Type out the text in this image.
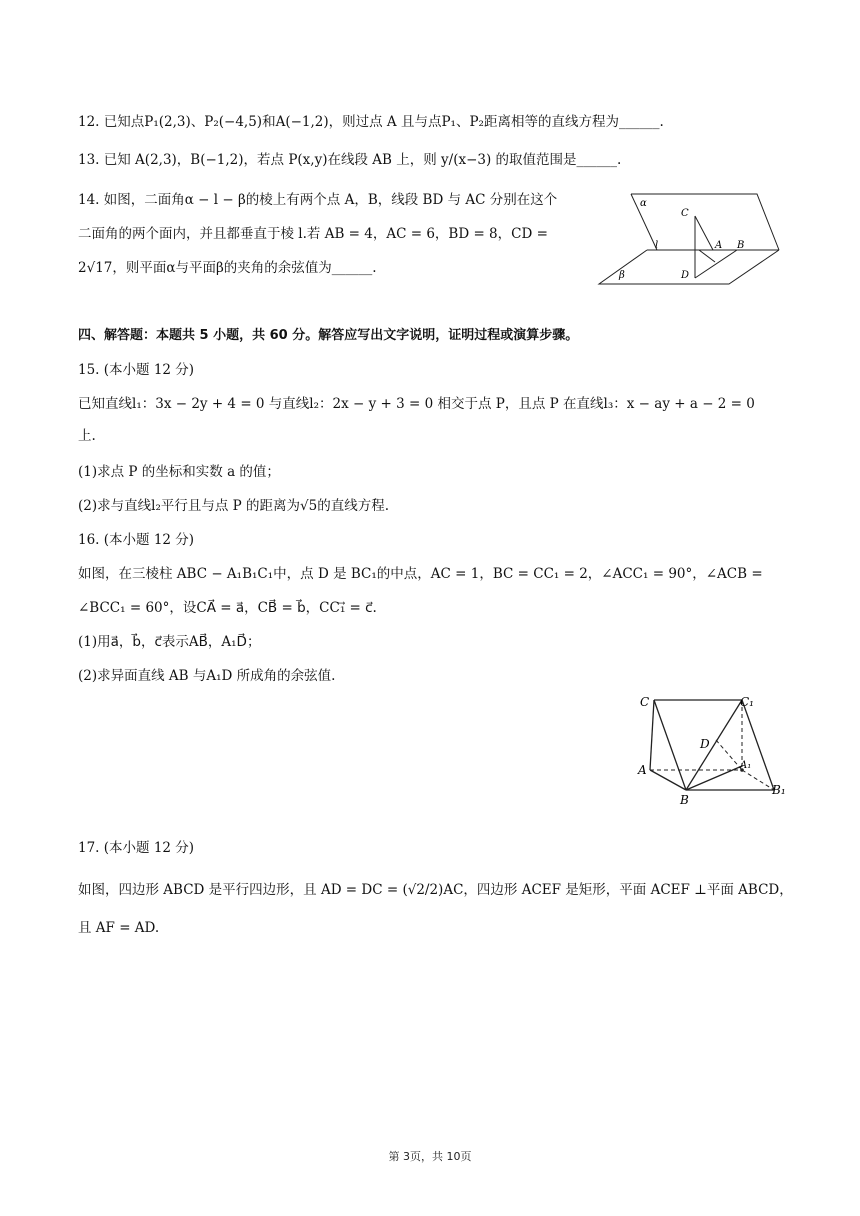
12. 已知点P₁(2,3)、P₂(−4,5)和A(−1,2)，则过点 A 且与点P₁、P₂距离相等的直线方程为______.
13. 已知 A(2,3)，B(−1,2)，若点 P(x,y)在线段 AB 上，则 y/(x−3) 的取值范围是______.
14. 如图，二面角α − l − β的棱上有两个点 A，B，线段 BD 与 AC 分别在这个
二面角的两个面内，并且都垂直于棱 l.若 AB = 4，AC = 6，BD = 8，CD =
2√17，则平面α与平面β的夹角的余弦值为______.
α
β
l
C
A B
D
四、解答题：本题共 5 小题，共 60 分。解答应写出文字说明，证明过程或演算步骤。
15. (本小题 12 分)
已知直线l₁：3x − 2y + 4 = 0 与直线l₂：2x − y + 3 = 0 相交于点 P，且点 P 在直线l₃：x − ay + a − 2 = 0
上.
(1)求点 P 的坐标和实数 a 的值；
(2)求与直线l₂平行且与点 P 的距离为√5的直线方程.
16. (本小题 12 分)
如图，在三棱柱 ABC − A₁B₁C₁中，点 D 是 BC₁的中点，AC = 1，BC = CC₁ = 2，∠ACC₁ = 90°，∠ACB =
∠BCC₁ = 60°，设CA⃗ = a⃗，CB⃗ = b⃗，CC₁⃗ = c⃗.
(1)用a⃗，b⃗，c⃗表示AB⃗，A₁D⃗；
(2)求异面直线 AB 与A₁D 所成角的余弦值.
C	C₁
D
A	A₁
B
B₁
17. (本小题 12 分)
如图，四边形 ABCD 是平行四边形，且 AD = DC = (√2/2)AC，四边形 ACEF 是矩形，平面 ACEF ⊥平面 ABCD，
且 AF = AD.
第 3页，共 10页
